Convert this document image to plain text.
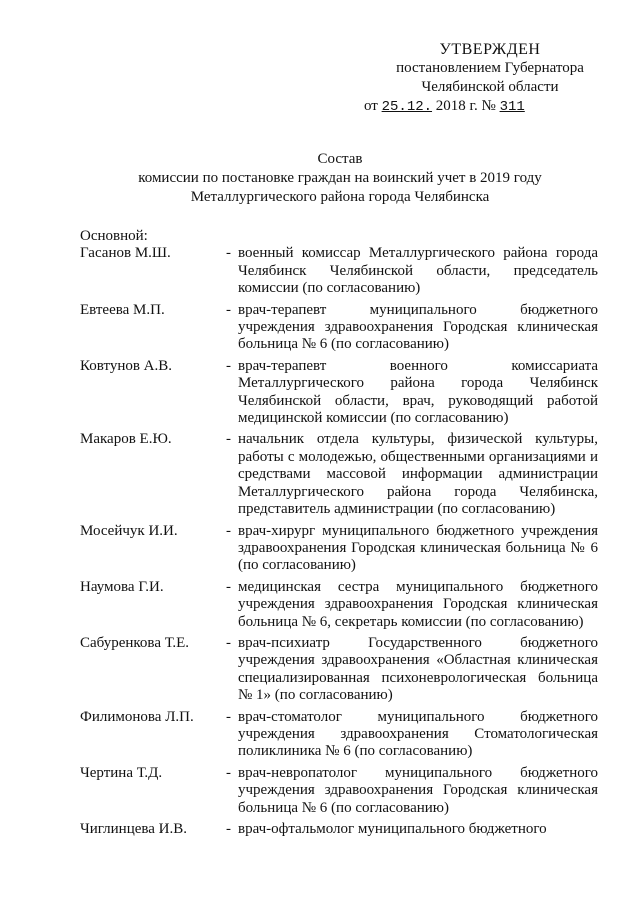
УТВЕРЖДЕН
постановлением Губернатора
Челябинской области
от 25.12. 2018 г. № 311
Состав
комиссии по постановке граждан на воинский учет в 2019 году
Металлургического района города Челябинска
Основной:
Гасанов М.Ш.	- военный комиссар Металлургического района города Челябинск Челябинской области, председатель комиссии (по согласованию)
Евтеева М.П.	- врач-терапевт муниципального бюджетного учреждения здравоохранения Городская клиническая больница № 6 (по согласованию)
Ковтунов А.В.	- врач-терапевт военного комиссариата Металлургического района города Челябинск Челябинской области, врач, руководящий работой медицинской комиссии (по согласованию)
Макаров Е.Ю.	- начальник отдела культуры, физической культуры, работы с молодежью, общественными организациями и средствами массовой информации администрации Металлургического района города Челябинска, представитель администрации (по согласованию)
Мосейчук И.И.	- врач-хирург муниципального бюджетного учреждения здравоохранения Городская клиническая больница № 6 (по согласованию)
Наумова Г.И.	- медицинская сестра муниципального бюджетного учреждения здравоохранения Городская клиническая больница № 6, секретарь комиссии (по согласованию)
Сабуренкова Т.Е.	- врач-психиатр Государственного бюджетного учреждения здравоохранения «Областная клиническая специализированная психоневрологическая больница № 1» (по согласованию)
Филимонова Л.П.	- врач-стоматолог муниципального бюджетного учреждения здравоохранения Стоматологическая поликлиника № 6 (по согласованию)
Чертина Т.Д.	- врач-невропатолог муниципального бюджетного учреждения здравоохранения Городская клиническая больница № 6 (по согласованию)
Чиглинцева И.В.	- врач-офтальмолог муниципального бюджетного
